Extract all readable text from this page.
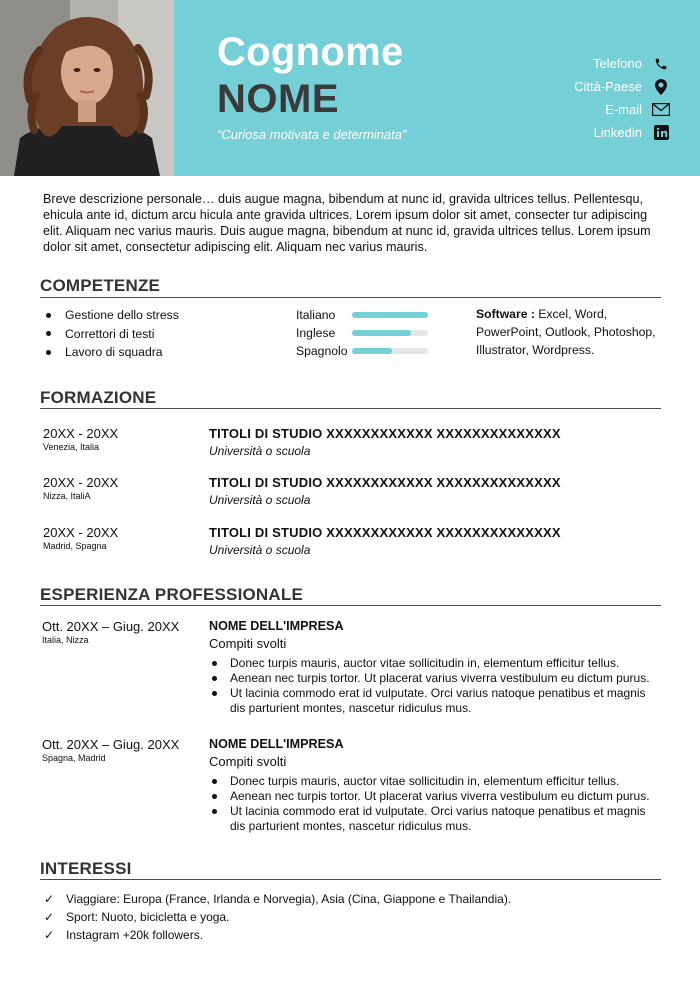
Cognome
NOME
“Curiosa motivata e determinata”
Telefono
Città-Paese
E-mail
Linkedin
Breve descrizione personale… duis augue magna, bibendum at nunc id, gravida ultrices tellus. Pellentesqu, ehicula ante id, dictum arcu hicula ante gravida ultrices. Lorem ipsum dolor sit amet, consecter tur adipiscing elit. Aliquam nec varius mauris. Duis augue magna, bibendum at nunc id, gravida ultrices tellus. Lorem ipsum dolor sit amet, consectetur adipiscing elit. Aliquam nec varius mauris.
COMPETENZE
Gestione dello stress
Correttori di testi
Lavoro di squadra
Italiano
Inglese
Spagnolo
Software : Excel, Word, PowerPoint, Outlook, Photoshop, Illustrator, Wordpress.
FORMAZIONE
20XX - 20XX
Venezia, Italia
TITOLI DI STUDIO XXXXXXXXXXXX XXXXXXXXXXXXXX
Università o scuola
20XX - 20XX
Nizza, ItaliA
TITOLI DI STUDIO XXXXXXXXXXXX XXXXXXXXXXXXXX
Università o scuola
20XX - 20XX
Madrid, Spagna
TITOLI DI STUDIO XXXXXXXXXXXX XXXXXXXXXXXXXX
Università o scuola
ESPERIENZA PROFESSIONALE
Ott. 20XX – Giug. 20XX
Italia, Nizza
NOME DELL'IMPRESA
Compiti svolti
Donec turpis mauris, auctor vitae sollicitudin in, elementum efficitur tellus.
Aenean nec turpis tortor. Ut placerat varius viverra vestibulum eu dictum purus.
Ut lacinia commodo erat id vulputate. Orci varius natoque penatibus et magnis dis parturient montes, nascetur ridiculus mus.
Ott. 20XX – Giug. 20XX
Spagna, Madrid
NOME DELL'IMPRESA
Compiti svolti
Donec turpis mauris, auctor vitae sollicitudin in, elementum efficitur tellus.
Aenean nec turpis tortor. Ut placerat varius viverra vestibulum eu dictum purus.
Ut lacinia commodo erat id vulputate. Orci varius natoque penatibus et magnis dis parturient montes, nascetur ridiculus mus.
INTERESSI
✓ Viaggiare: Europa (France, Irlanda e Norvegia), Asia (Cina, Giappone e Thailandia).
✓ Sport: Nuoto, bicicletta e yoga.
✓ Instagram +20k followers.
